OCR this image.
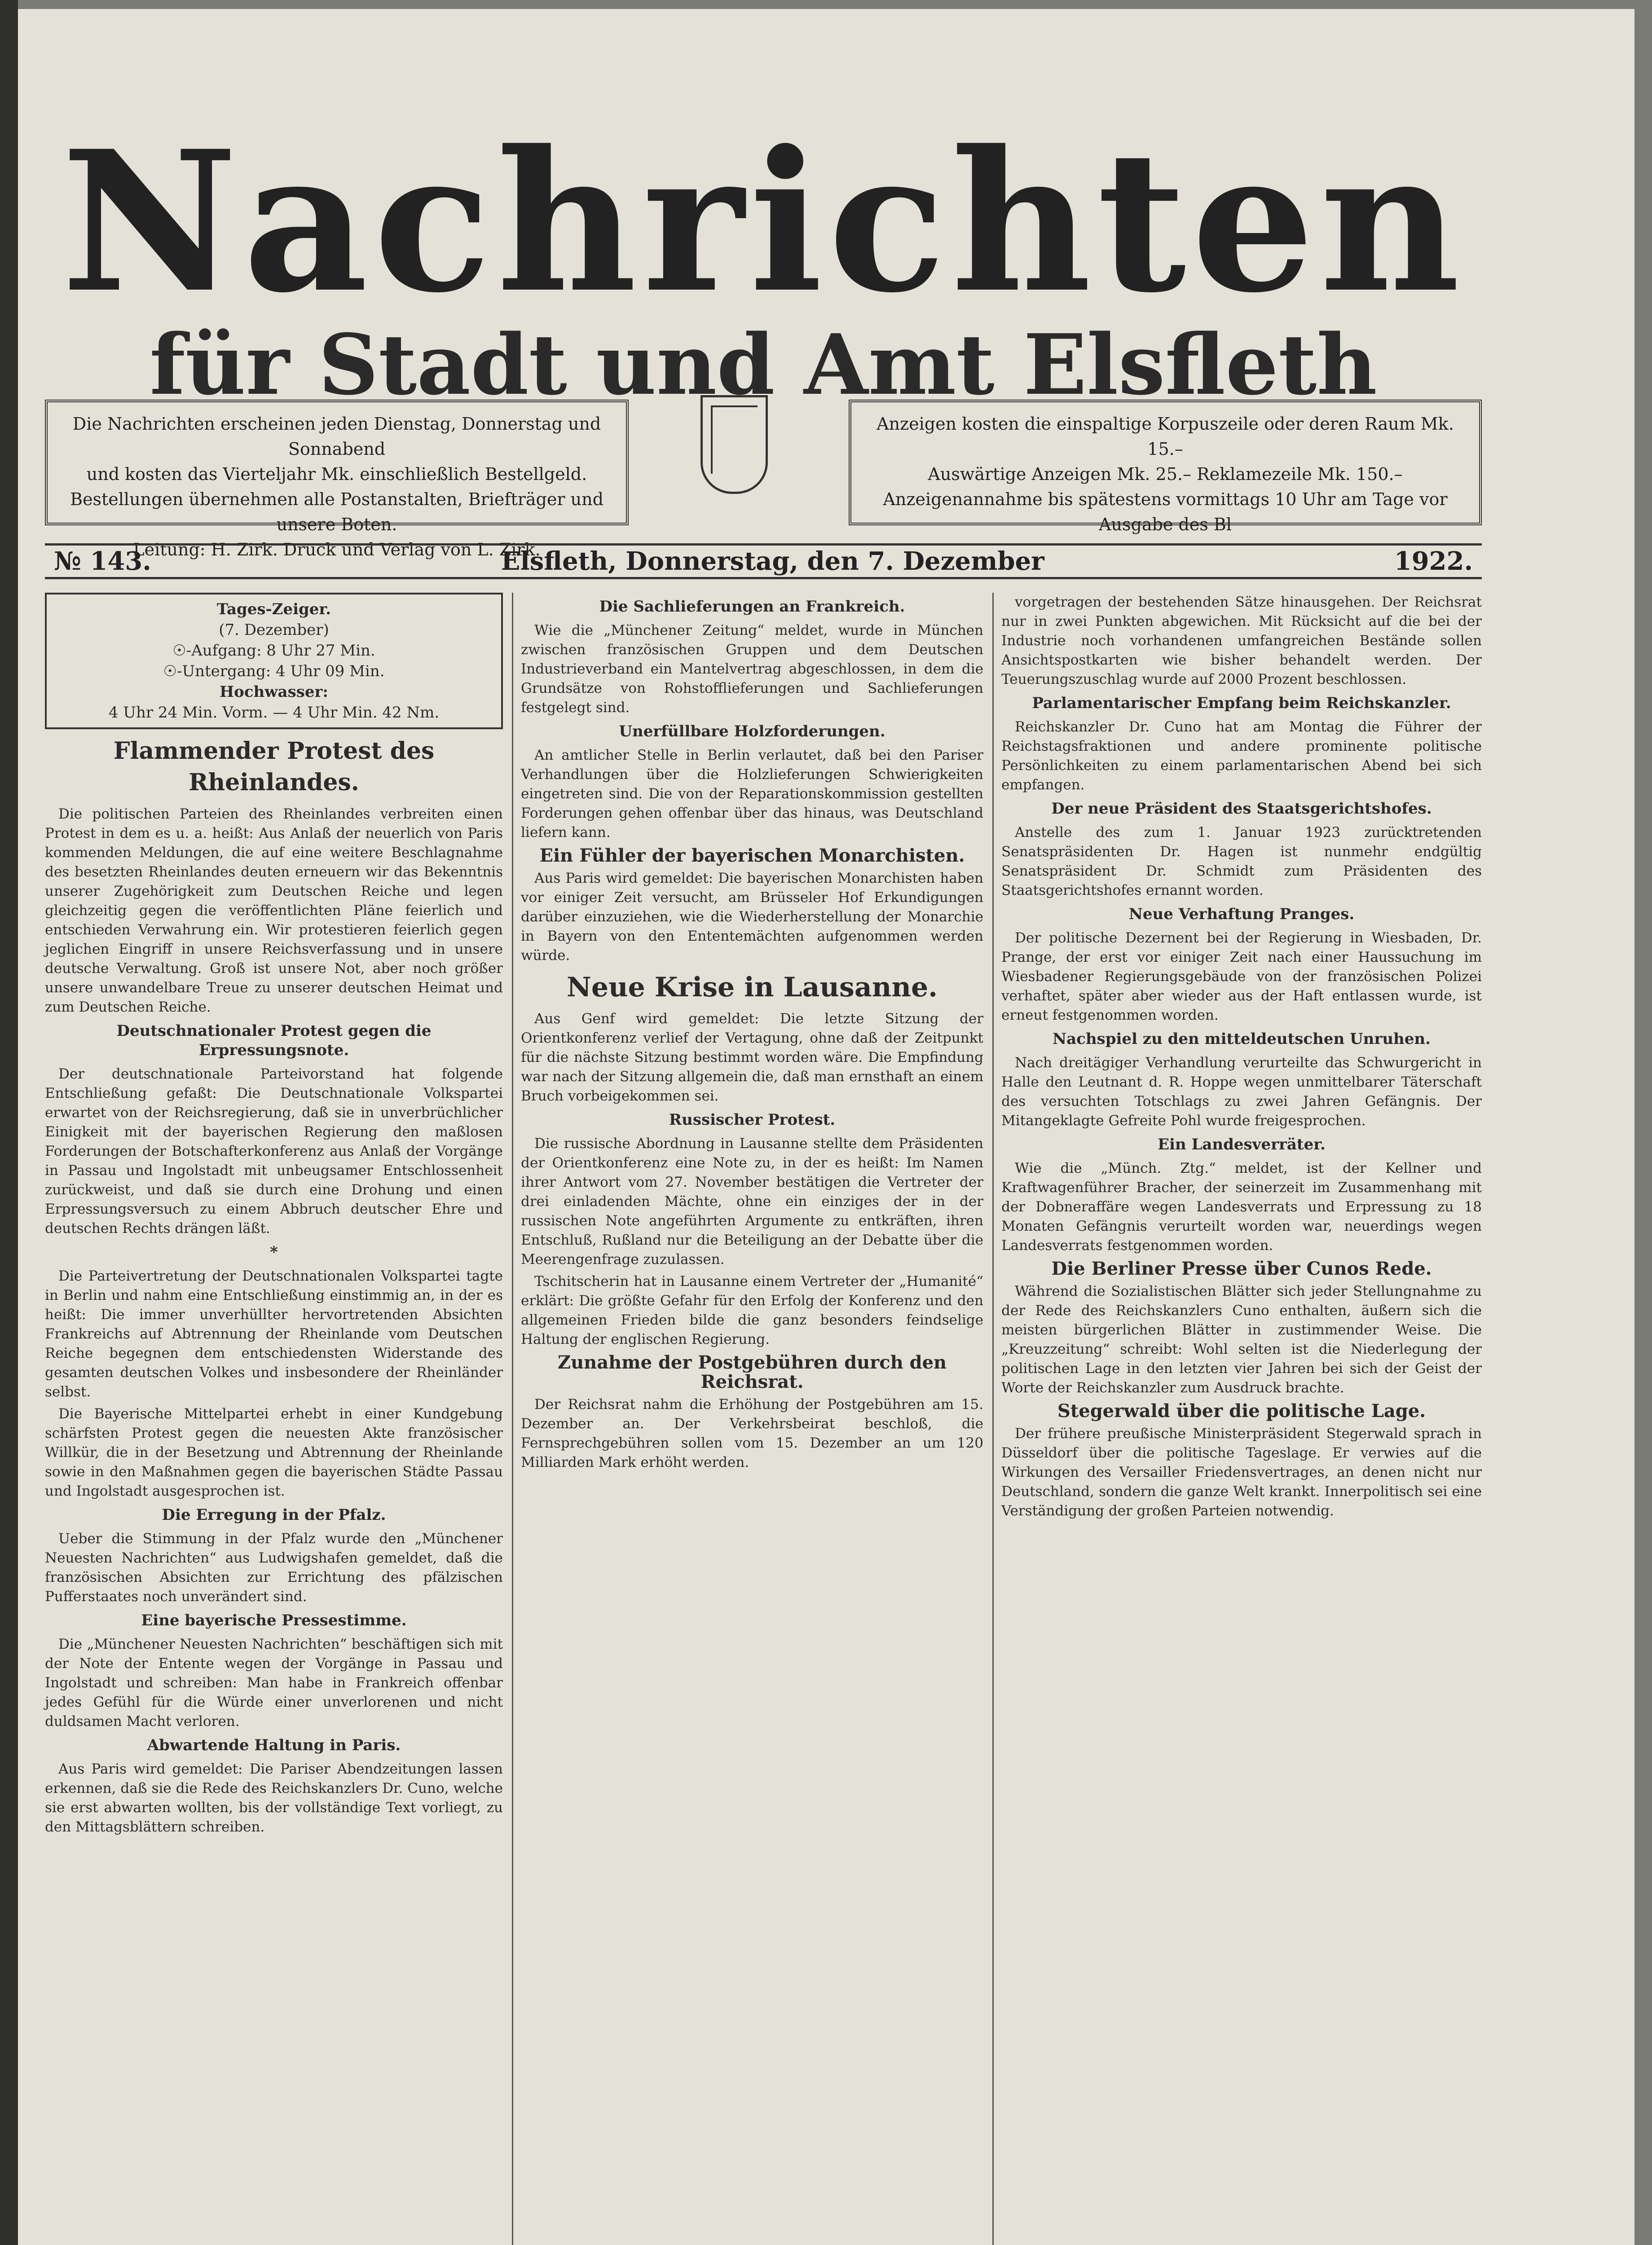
Nachrichten
für Stadt und Amt Elsfleth
Die Nachrichten erscheinen jeden Dienstag, Donnerstag und Sonnabend
und kosten das Vierteljahr Mk. einschließlich Bestellgeld.
Bestellungen übernehmen alle Postanstalten, Briefträger und unsere Boten.
Leitung: H. Zirk. Druck und Verlag von L. Zirk.
Anzeigen kosten die einspaltige Korpuszeile oder deren Raum Mk. 15.–
Auswärtige Anzeigen Mk. 25.– Reklamezeile Mk. 150.–
Anzeigenannahme bis spätestens vormittags 10 Uhr am Tage vor
Ausgabe des Bl
№ 143.	Elsfleth, Donnerstag, den 7. Dezember	1922.
Tages-Zeiger.
(7. Dezember)
☉-Aufgang: 8 Uhr 27 Min.
☉-Untergang: 4 Uhr 09 Min.
Hochwasser:
4 Uhr 24 Min. Vorm. — 4 Uhr Min. 42 Nm.
Flammender Protest des Rheinlandes.

Die politischen Parteien des Rheinlandes verbreiten einen Protest in dem es u. a. heißt: Aus Anlaß der neuerlich von Paris kommenden Meldungen, die auf eine weitere Beschlagnahme des besetzten Rheinlandes deuten erneuern wir das Bekenntnis unserer Zugehörigkeit zum Deutschen Reiche und legen gleichzeitig gegen die veröffentlichten Pläne feierlich und entschieden Verwahrung ein. Wir protestieren feierlich gegen jeglichen Eingriff in unsere Reichsverfassung und in unsere deutsche Verwaltung. Groß ist unsere Not, aber noch größer unsere unwandelbare Treue zu unserer deutschen Heimat und zum Deutschen Reiche.

Deutschnationaler Protest gegen die Erpressungsnote.

Der deutschnationale Parteivorstand hat folgende Entschließung gefaßt: Die Deutschnationale Volkspartei erwartet von der Reichsregierung, daß sie in unverbrüchlicher Einigkeit mit der bayerischen Regierung den maßlosen Forderungen der Botschafterkonferenz aus Anlaß der Vorgänge in Passau und Ingolstadt mit unbeugsamer Entschlossenheit zurückweist, und daß sie durch eine Drohung und einen Erpressungsversuch zu einem Abbruch deutscher Ehre und deutschen Rechts drängen läßt.

*

Die Parteivertretung der Deutschnationalen Volkspartei tagte in Berlin und nahm eine Entschließung einstimmig an, in der es heißt: Die immer unverhüllter hervortretenden Absichten Frankreichs auf Abtrennung der Rheinlande vom Deutschen Reiche begegnen dem entschiedensten Widerstande des gesamten deutschen Volkes und insbesondere der Rheinländer selbst.

Die Bayerische Mittelpartei erhebt in einer Kundgebung schärfsten Protest gegen die neuesten Akte französischer Willkür, die in der Besetzung und Abtrennung der Rheinlande sowie in den Maßnahmen gegen die bayerischen Städte Passau und Ingolstadt ausgesprochen ist.

Die Erregung in der Pfalz.

Ueber die Stimmung in der Pfalz wurde den „Münchener Neuesten Nachrichten“ aus Ludwigshafen gemeldet, daß die französischen Absichten zur Errichtung des pfälzischen Pufferstaates noch unverändert sind.

Eine bayerische Pressestimme.

Die „Münchener Neuesten Nachrichten“ beschäftigen sich mit der Note der Entente wegen der Vorgänge in Passau und Ingolstadt und schreiben: Man habe in Frankreich offenbar jedes Gefühl für die Würde einer unverlorenen und nicht duldsamen Macht verloren.

Abwartende Haltung in Paris.

Aus Paris wird gemeldet: Die Pariser Abendzeitungen lassen erkennen, daß sie die Rede des Reichskanzlers Dr. Cuno, welche sie erst abwarten wollten, bis der vollständige Text vorliegt, zu den Mittagsblättern schreiben.

Die Sachlieferungen an Frankreich.

Wie die „Münchener Zeitung“ meldet, wurde in München zwischen französischen Gruppen und dem Deutschen Industrieverband ein Mantelvertrag abgeschlossen, in dem die Grundsätze von Rohstofflieferungen und Sachlieferungen festgelegt sind.

Unerfüllbare Holzforderungen.

An amtlicher Stelle in Berlin verlautet, daß bei den Pariser Verhandlungen über die Holzlieferungen Schwierigkeiten eingetreten sind. Die von der Reparationskommission gestellten Forderungen gehen offenbar über das hinaus, was Deutschland liefern kann.

Ein Fühler der bayerischen Monarchisten.

Aus Paris wird gemeldet: Die bayerischen Monarchisten haben vor einiger Zeit versucht, am Brüsseler Hof Erkundigungen darüber einzuziehen, wie die Wiederherstellung der Monarchie in Bayern von den Ententemächten aufgenommen werden würde.

Neue Krise in Lausanne.

Aus Genf wird gemeldet: Die letzte Sitzung der Orientkonferenz verlief der Vertagung, ohne daß der Zeitpunkt für die nächste Sitzung bestimmt worden wäre. Die Empfindung war nach der Sitzung allgemein die, daß man ernsthaft an einem Bruch vorbeigekommen sei.

Russischer Protest.

Die russische Abordnung in Lausanne stellte dem Präsidenten der Orientkonferenz eine Note zu, in der es heißt: Im Namen ihrer Antwort vom 27. November bestätigen die Vertreter der drei einladenden Mächte, ohne ein einziges der in der russischen Note angeführten Argumente zu entkräften, ihren Entschluß, Rußland nur die Beteiligung an der Debatte über die Meerengenfrage zuzulassen.

Tschitscherin hat in Lausanne einem Vertreter der „Humanité“ erklärt: Die größte Gefahr für den Erfolg der Konferenz und den allgemeinen Frieden bilde die ganz besonders feindselige Haltung der englischen Regierung.

Zunahme der Postgebühren durch den Reichsrat.

Der Reichsrat nahm die Erhöhung der Postgebühren am 15. Dezember an. Der Verkehrsbeirat beschloß, die Fernsprechgebühren sollen vom 15. Dezember an um 120 Milliarden Mark erhöht werden.

vorgetragen der bestehenden Sätze hinausgehen. Der Reichsrat nur in zwei Punkten abgewichen. Mit Rücksicht auf die bei der Industrie noch vorhandenen umfangreichen Bestände sollen Ansichtspostkarten wie bisher behandelt werden. Der Teuerungszuschlag wurde auf 2000 Prozent beschlossen.

Parlamentarischer Empfang beim Reichskanzler.

Reichskanzler Dr. Cuno hat am Montag die Führer der Reichstagsfraktionen und andere prominente politische Persönlichkeiten zu einem parlamentarischen Abend bei sich empfangen.

Der neue Präsident des Staatsgerichtshofes.

Anstelle des zum 1. Januar 1923 zurücktretenden Senatspräsidenten Dr. Hagen ist nunmehr endgültig Senatspräsident Dr. Schmidt zum Präsidenten des Staatsgerichtshofes ernannt worden.

Neue Verhaftung Pranges.

Der politische Dezernent bei der Regierung in Wiesbaden, Dr. Prange, der erst vor einiger Zeit nach einer Haussuchung im Wiesbadener Regierungsgebäude von der französischen Polizei verhaftet, später aber wieder aus der Haft entlassen wurde, ist erneut festgenommen worden.

Nachspiel zu den mitteldeutschen Unruhen.

Nach dreitägiger Verhandlung verurteilte das Schwurgericht in Halle den Leutnant d. R. Hoppe wegen unmittelbarer Täterschaft des versuchten Totschlags zu zwei Jahren Gefängnis. Der Mitangeklagte Gefreite Pohl wurde freigesprochen.

Ein Landesverräter.

Wie die „Münch. Ztg.“ meldet, ist der Kellner und Kraftwagenführer Bracher, der seinerzeit im Zusammenhang mit der Dobneraffäre wegen Landesverrats und Erpressung zu 18 Monaten Gefängnis verurteilt worden war, neuerdings wegen Landesverrats festgenommen worden.

Die Berliner Presse über Cunos Rede.

Während die Sozialistischen Blätter sich jeder Stellungnahme zu der Rede des Reichskanzlers Cuno enthalten, äußern sich die meisten bürgerlichen Blätter in zustimmender Weise. Die „Kreuzzeitung“ schreibt: Wohl selten ist die Niederlegung der politischen Lage in den letzten vier Jahren bei sich der Geist der Worte der Reichskanzler zum Ausdruck brachte.

Stegerwald über die politische Lage.

Der frühere preußische Ministerpräsident Stegerwald sprach in Düsseldorf über die politische Tageslage. Er verwies auf die Wirkungen des Versailler Friedensvertrages, an denen nicht nur Deutschland, sondern die ganze Welt krankt. Innerpolitisch sei eine Verständigung der großen Parteien notwendig.
